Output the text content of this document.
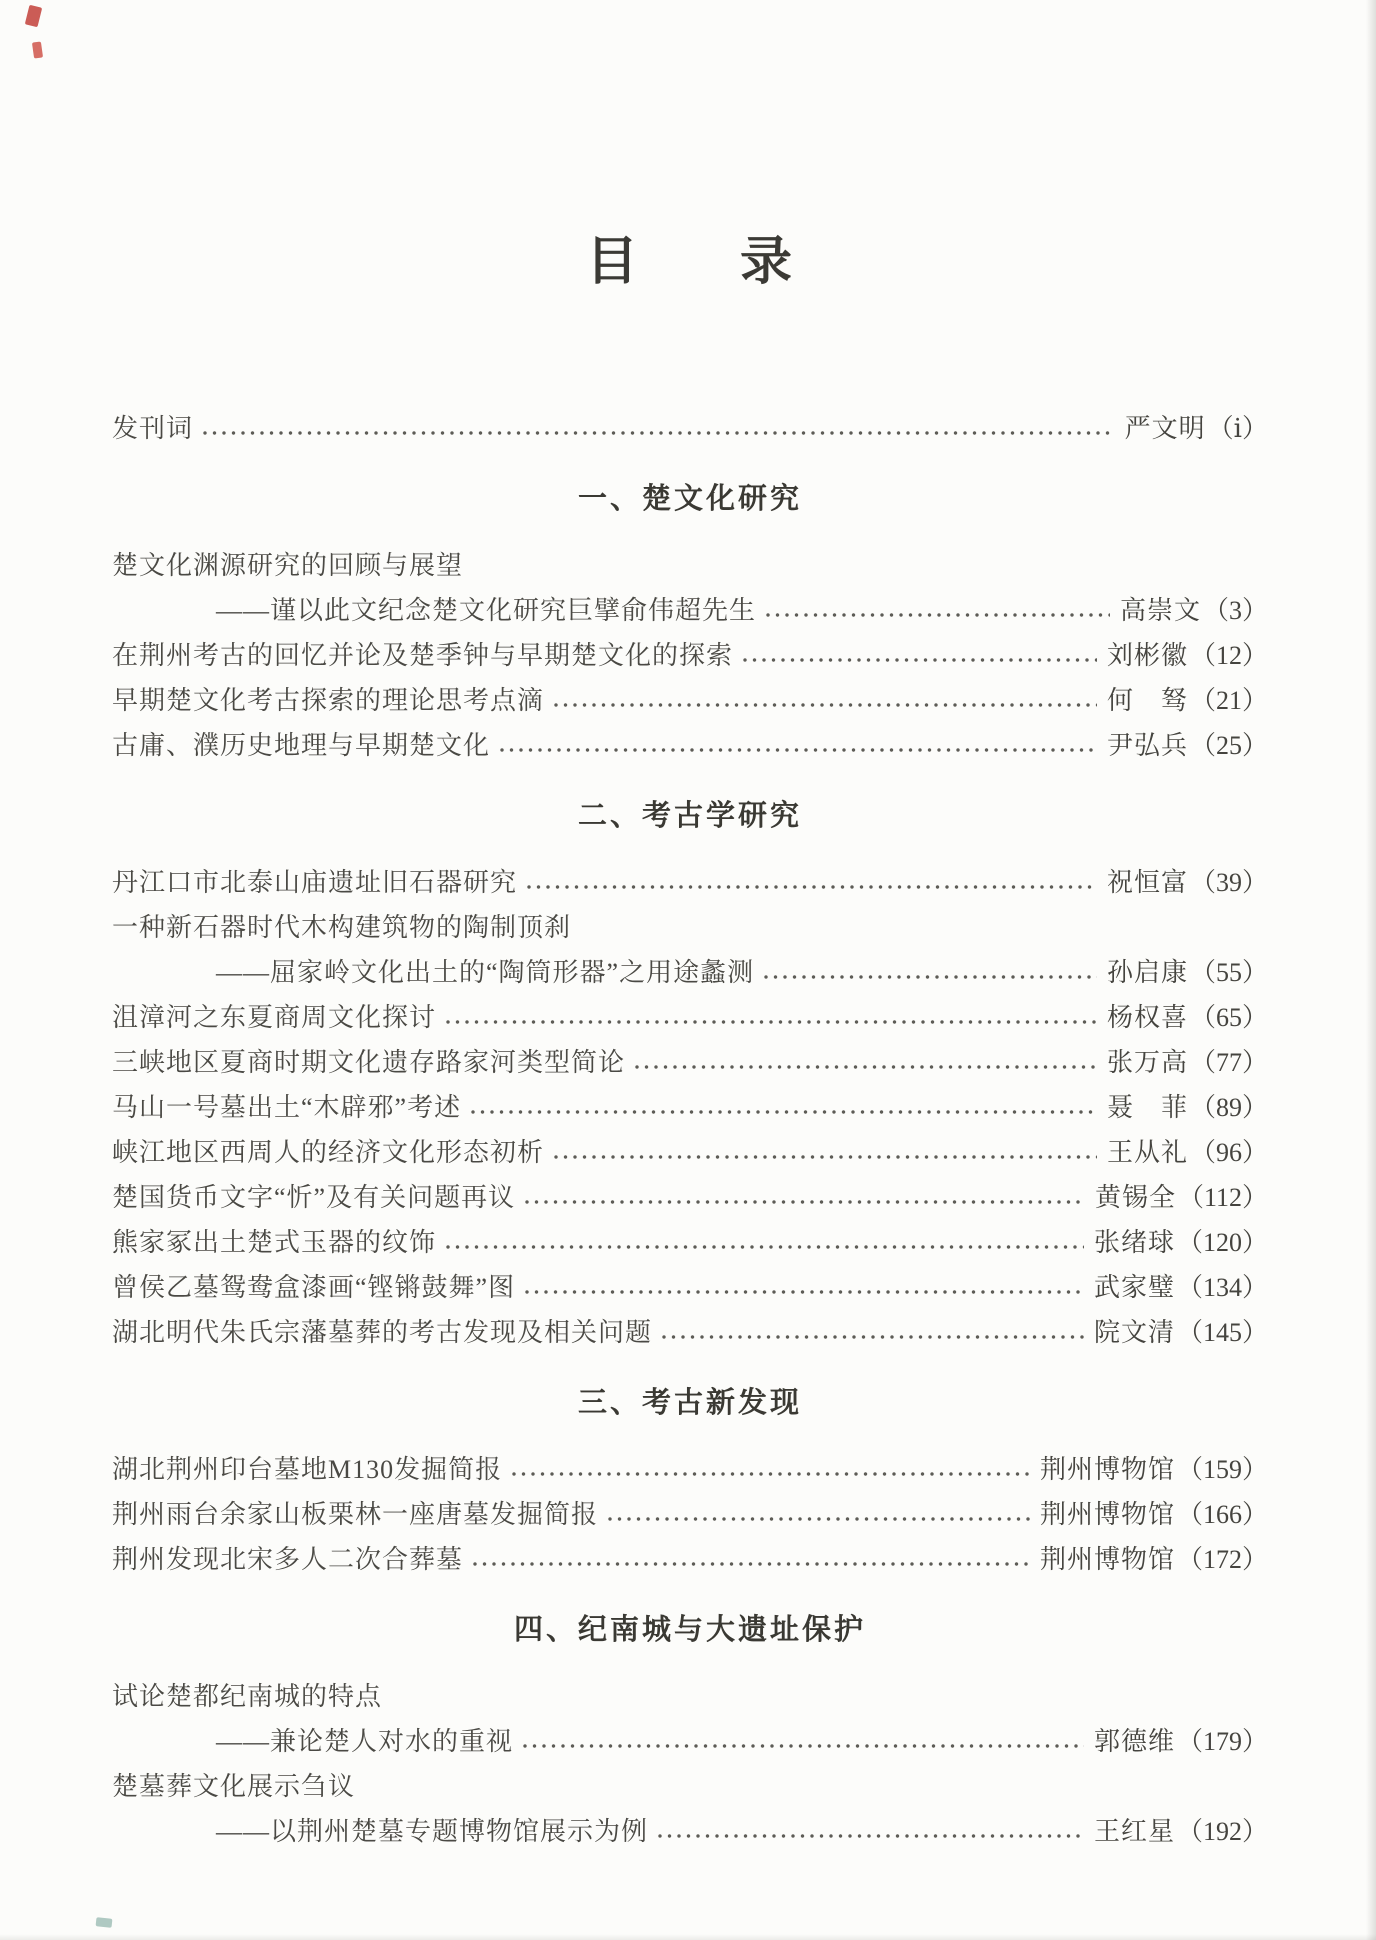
目 录
发刊词	严文明 （ⅰ）
一、楚文化研究
楚文化渊源研究的回顾与展望
——谨以此文纪念楚文化研究巨擘俞伟超先生	高崇文 （3）
在荆州考古的回忆并论及楚季钟与早期楚文化的探索	刘彬徽 （12）
早期楚文化考古探索的理论思考点滴	何　驽 （21）
古庸、濮历史地理与早期楚文化	尹弘兵 （25）
二、考古学研究
丹江口市北泰山庙遗址旧石器研究	祝恒富 （39）
一种新石器时代木构建筑物的陶制顶刹
——屈家岭文化出土的“陶筒形器”之用途蠡测	孙启康 （55）
沮漳河之东夏商周文化探讨	杨权喜 （65）
三峡地区夏商时期文化遗存路家河类型简论	张万高 （77）
马山一号墓出土“木辟邪”考述	聂　菲 （89）
峡江地区西周人的经济文化形态初析	王从礼 （96）
楚国货币文字“忻”及有关问题再议	黄锡全 （112）
熊家冢出土楚式玉器的纹饰	张绪球 （120）
曾侯乙墓鸳鸯盒漆画“铿锵鼓舞”图	武家璧 （134）
湖北明代朱氏宗藩墓葬的考古发现及相关问题	院文清 （145）
三、考古新发现
湖北荆州印台墓地M130发掘简报	荆州博物馆 （159）
荆州雨台余家山板栗林一座唐墓发掘简报	荆州博物馆 （166）
荆州发现北宋多人二次合葬墓	荆州博物馆 （172）
四、纪南城与大遗址保护
试论楚都纪南城的特点
——兼论楚人对水的重视	郭德维 （179）
楚墓葬文化展示刍议
——以荆州楚墓专题博物馆展示为例	王红星 （192）
